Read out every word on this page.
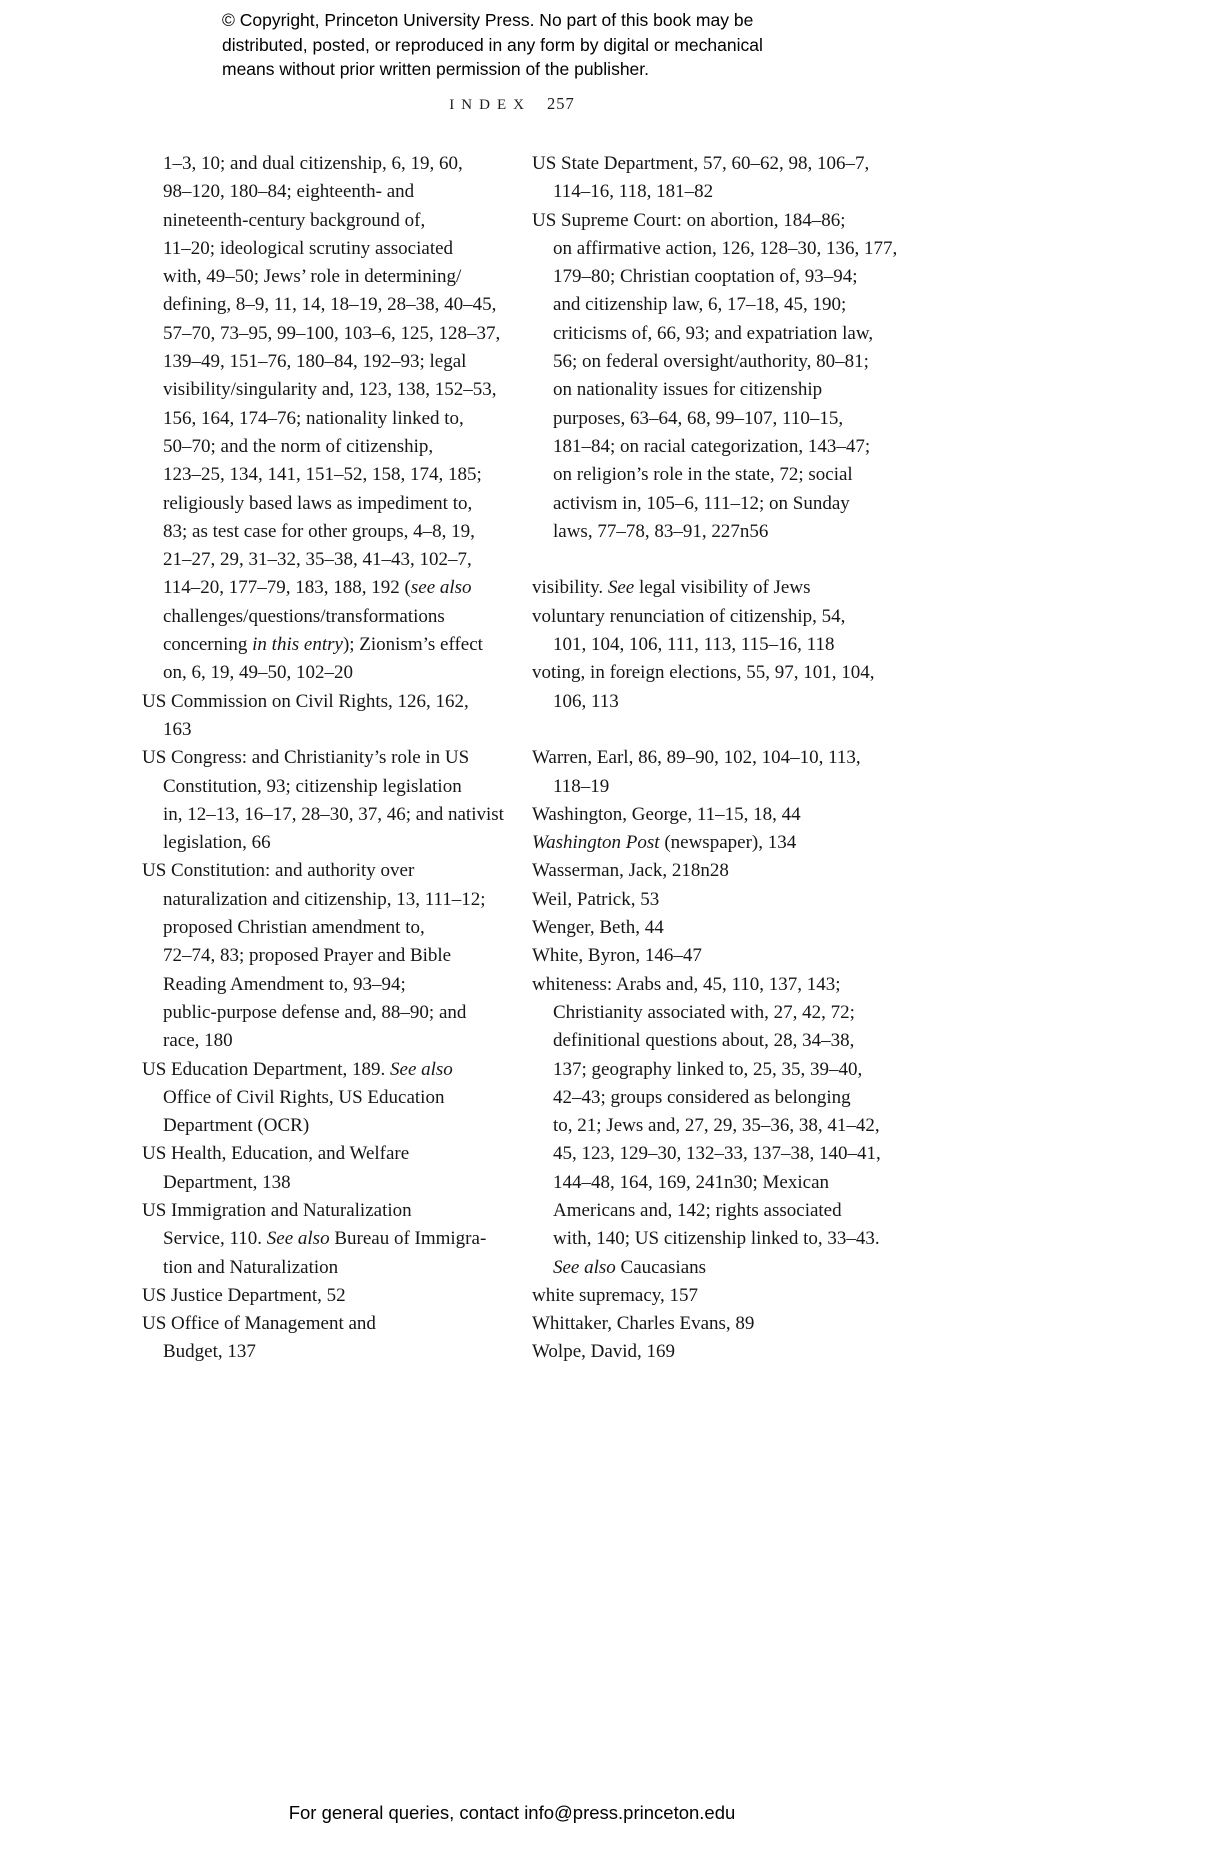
© Copyright, Princeton University Press. No part of this book may be
distributed, posted, or reproduced in any form by digital or mechanical
means without prior written permission of the publisher.
INDEX 257
1–3, 10; and dual citizenship, 6, 19, 60,
98–120, 180–84; eighteenth- and
nineteenth-century background of,
11–20; ideological scrutiny associated
with, 49–50; Jews’ role in determining/
defining, 8–9, 11, 14, 18–19, 28–38, 40–45,
57–70, 73–95, 99–100, 103–6, 125, 128–37,
139–49, 151–76, 180–84, 192–93; legal
visibility/singularity and, 123, 138, 152–53,
156, 164, 174–76; nationality linked to,
50–70; and the norm of citizenship,
123–25, 134, 141, 151–52, 158, 174, 185;
religiously based laws as impediment to,
83; as test case for other groups, 4–8, 19,
21–27, 29, 31–32, 35–38, 41–43, 102–7,
114–20, 177–79, 183, 188, 192 (see also
challenges/questions/transformations
concerning in this entry); Zionism’s effect
on, 6, 19, 49–50, 102–20
US Commission on Civil Rights, 126, 162,
163
US Congress: and Christianity’s role in US
Constitution, 93; citizenship legislation
in, 12–13, 16–17, 28–30, 37, 46; and nativist
legislation, 66
US Constitution: and authority over
naturalization and citizenship, 13, 111–12;
proposed Christian amendment to,
72–74, 83; proposed Prayer and Bible
Reading Amendment to, 93–94;
public-purpose defense and, 88–90; and
race, 180
US Education Department, 189. See also
Office of Civil Rights, US Education
Department (OCR)
US Health, Education, and Welfare
Department, 138
US Immigration and Naturalization
Service, 110. See also Bureau of Immigra-
tion and Naturalization
US Justice Department, 52
US Office of Management and
Budget, 137
US State Department, 57, 60–62, 98, 106–7,
114–16, 118, 181–82
US Supreme Court: on abortion, 184–86;
on affirmative action, 126, 128–30, 136, 177,
179–80; Christian cooptation of, 93–94;
and citizenship law, 6, 17–18, 45, 190;
criticisms of, 66, 93; and expatriation law,
56; on federal oversight/authority, 80–81;
on nationality issues for citizenship
purposes, 63–64, 68, 99–107, 110–15,
181–84; on racial categorization, 143–47;
on religion’s role in the state, 72; social
activism in, 105–6, 111–12; on Sunday
laws, 77–78, 83–91, 227n56
visibility. See legal visibility of Jews
voluntary renunciation of citizenship, 54,
101, 104, 106, 111, 113, 115–16, 118
voting, in foreign elections, 55, 97, 101, 104,
106, 113
Warren, Earl, 86, 89–90, 102, 104–10, 113,
118–19
Washington, George, 11–15, 18, 44
Washington Post (newspaper), 134
Wasserman, Jack, 218n28
Weil, Patrick, 53
Wenger, Beth, 44
White, Byron, 146–47
whiteness: Arabs and, 45, 110, 137, 143;
Christianity associated with, 27, 42, 72;
definitional questions about, 28, 34–38,
137; geography linked to, 25, 35, 39–40,
42–43; groups considered as belonging
to, 21; Jews and, 27, 29, 35–36, 38, 41–42,
45, 123, 129–30, 132–33, 137–38, 140–41,
144–48, 164, 169, 241n30; Mexican
Americans and, 142; rights associated
with, 140; US citizenship linked to, 33–43.
See also Caucasians
white supremacy, 157
Whittaker, Charles Evans, 89
Wolpe, David, 169
For general queries, contact info@press.princeton.edu
